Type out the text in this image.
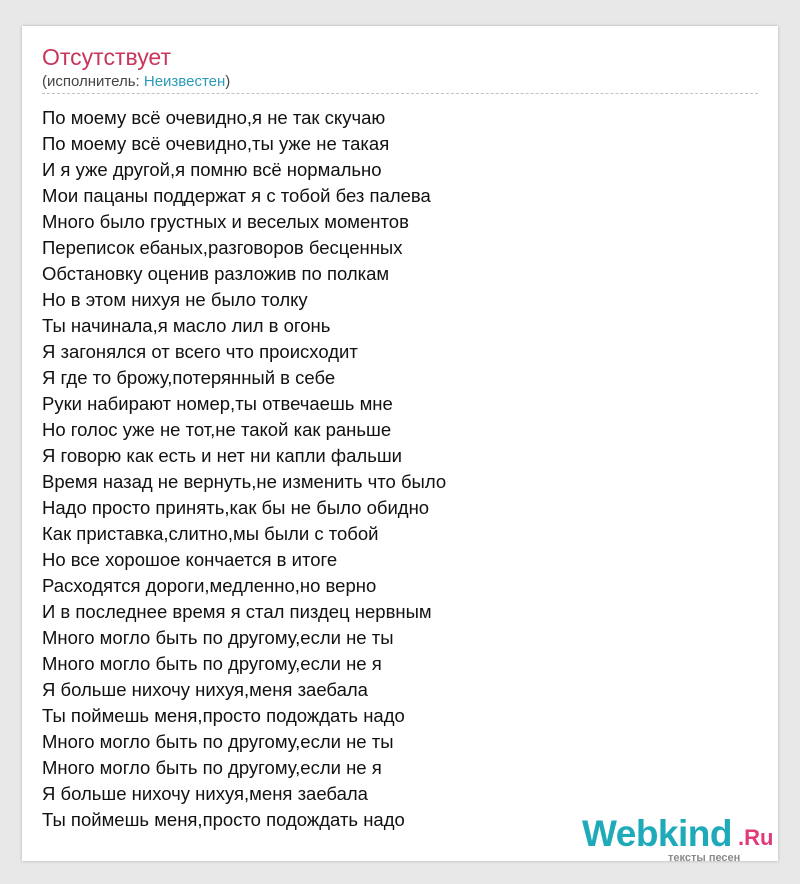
Отсутствует
(исполнитель: Неизвестен)
По моему всё очевидно,я не так скучаю
По моему всё очевидно,ты уже не такая
И я уже другой,я помню всё нормально
Мои пацаны поддержат я с тобой без палева
Много было грустных и веселых моментов
Переписок ебаных,разговоров бесценных
Обстановку оценив разложив по полкам
Но в этом нихуя не было толку
Ты начинала,я масло лил в огонь
Я загонялся от всего что происходит
Я где то брожу,потерянный в себе
Руки набирают номер,ты отвечаешь мне
Но голос уже не тот,не такой как раньше
Я говорю как есть и нет ни капли фальши
Время назад не вернуть,не изменить что было
Надо просто принять,как бы не было обидно
Как приставка,слитно,мы были с тобой
Но все хорошое кончается в итоге
Расходятся дороги,медленно,но верно
И в последнее время я стал пиздец нервным
Много могло быть по другому,если не ты
Много могло быть по другому,если не я
Я больше нихочу нихуя,меня заебала
Ты поймешь меня,просто подождать надо
Много могло быть по другому,если не ты
Много могло быть по другому,если не я
Я больше нихочу нихуя,меня заебала
Ты поймешь меня,просто подождать надо	Webkind .Ru
тексты песен
